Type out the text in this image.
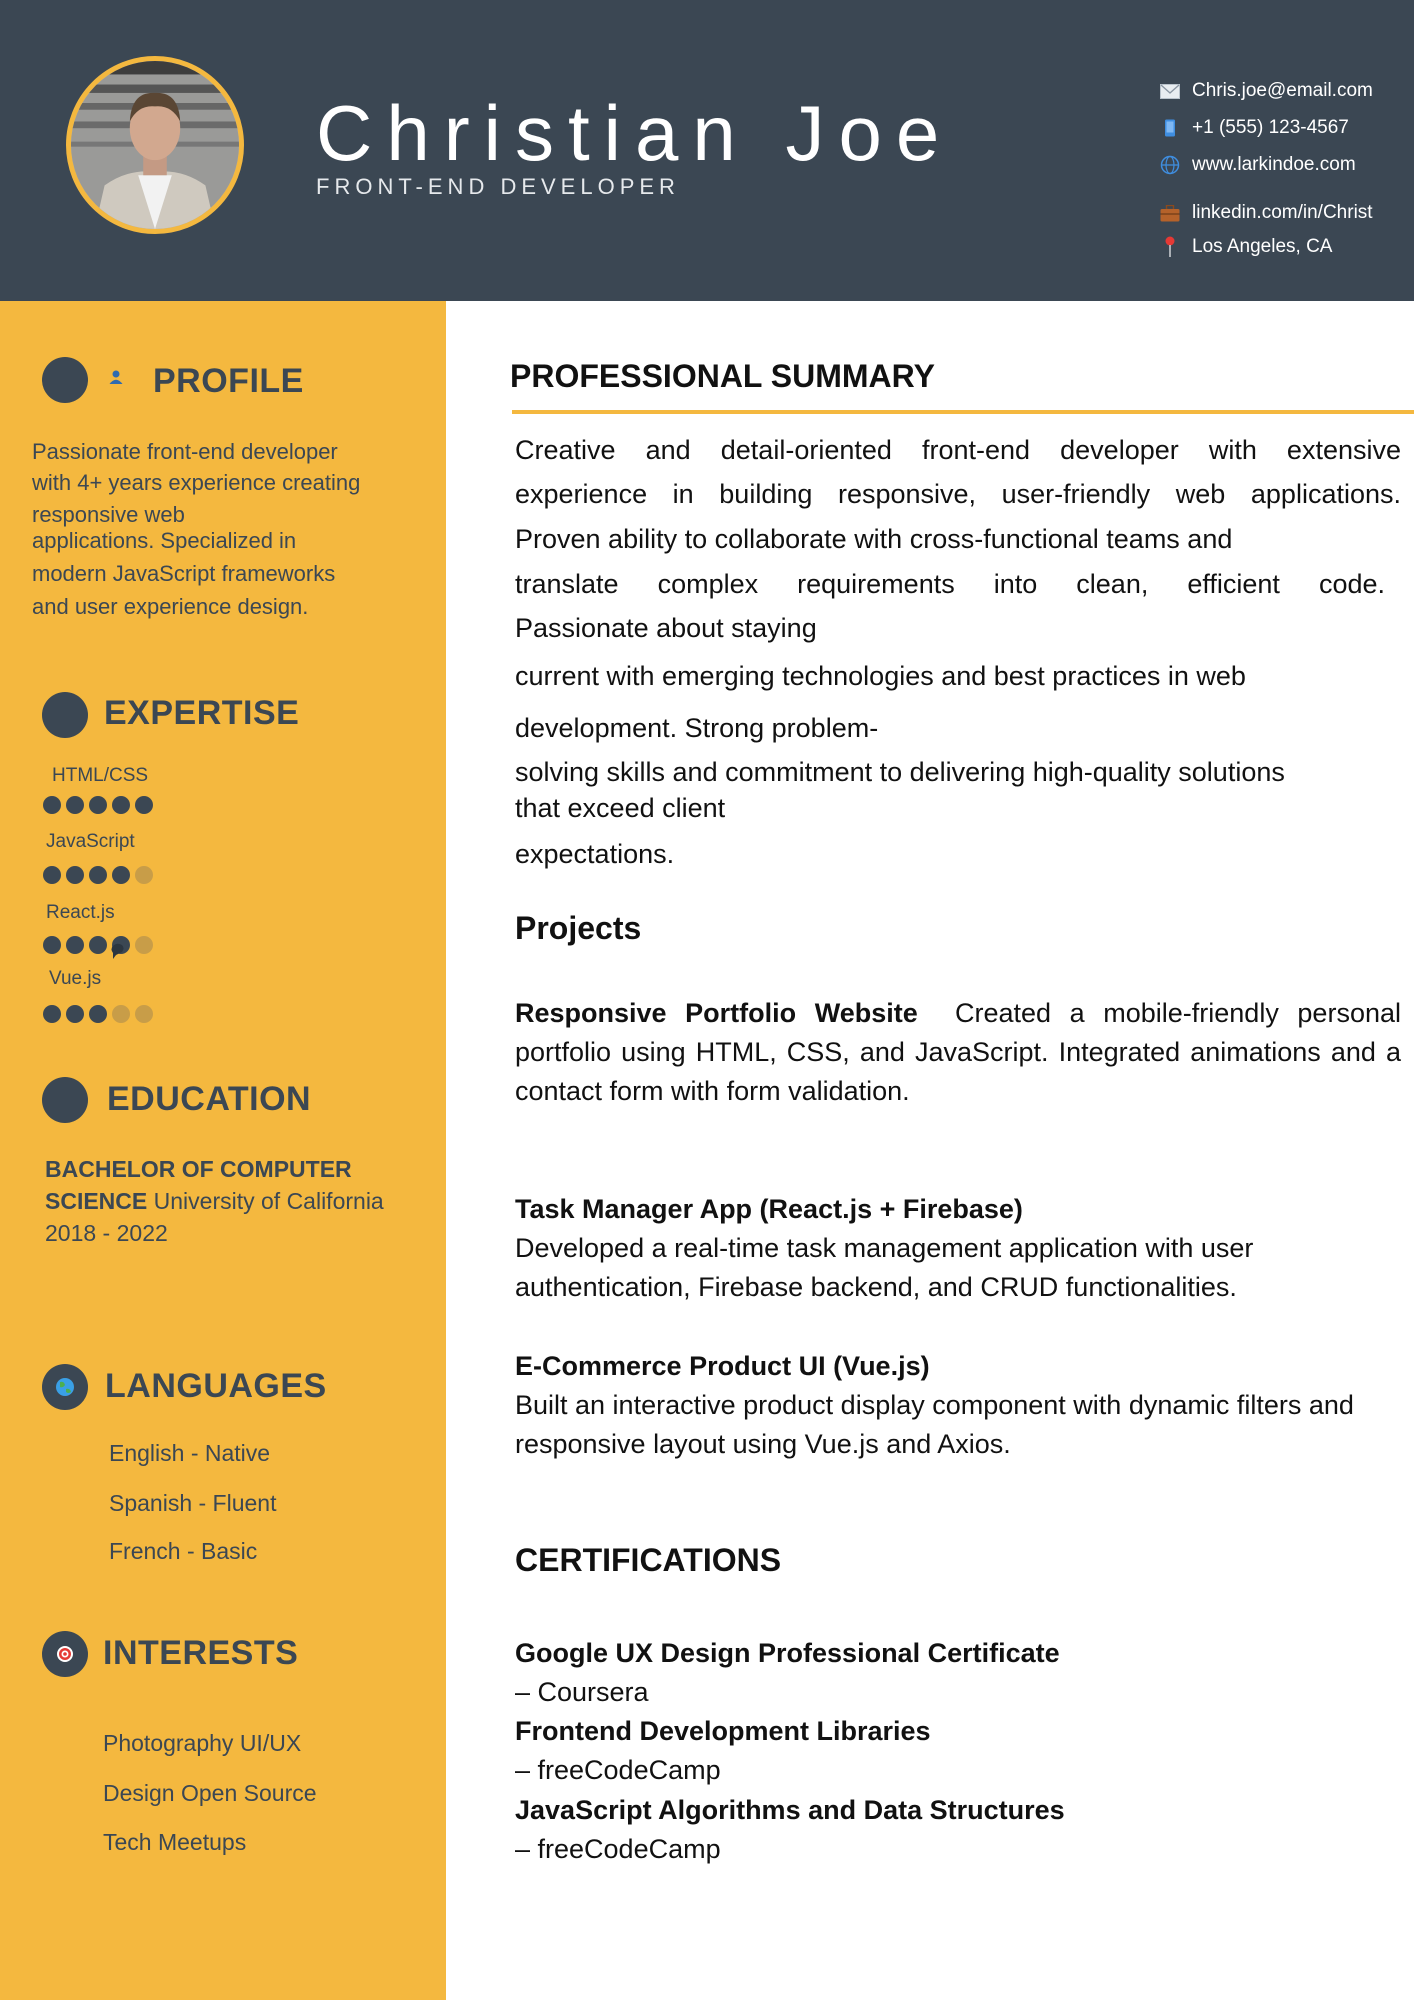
Christian Joe
FRONT-END DEVELOPER
Chris.joe@email.com
+1 (555) 123-4567
www.larkindoe.com
linkedin.com/in/Christ
Los Angeles, CA
PROFILE
Passionate front-end developer
with 4+ years experience creating
responsive web
applications. Specialized in
modern JavaScript frameworks
and user experience design.
EXPERTISE
HTML/CSS
JavaScript
React.js
Vue.js
EDUCATION
BACHELOR OF COMPUTER
SCIENCE University of California
2018 - 2022
LANGUAGES
English - Native
Spanish - Fluent
French - Basic
INTERESTS
Photography UI/UX
Design Open Source
Tech Meetups
PROFESSIONAL SUMMARY
Creative and detail-oriented front-end developer with extensive
experience in building responsive, user-friendly web applications.
Proven ability to collaborate with cross-functional teams and
translate complex requirements into clean, efficient code.
Passionate about staying
current with emerging technologies and best practices in web
development. Strong problem-
solving skills and commitment to delivering high-quality solutions
that exceed client
expectations.
Projects
Responsive Portfolio Website Created a mobile-friendly personal portfolio using HTML, CSS, and JavaScript. Integrated animations and a contact form with form validation.
Task Manager App (React.js + Firebase)
Developed a real-time task management application with user authentication, Firebase backend, and CRUD functionalities.
E-Commerce Product UI (Vue.js)
Built an interactive product display component with dynamic filters and responsive layout using Vue.js and Axios.
CERTIFICATIONS
Google UX Design Professional Certificate
– Coursera
Frontend Development Libraries
– freeCodeCamp
JavaScript Algorithms and Data Structures
– freeCodeCamp
